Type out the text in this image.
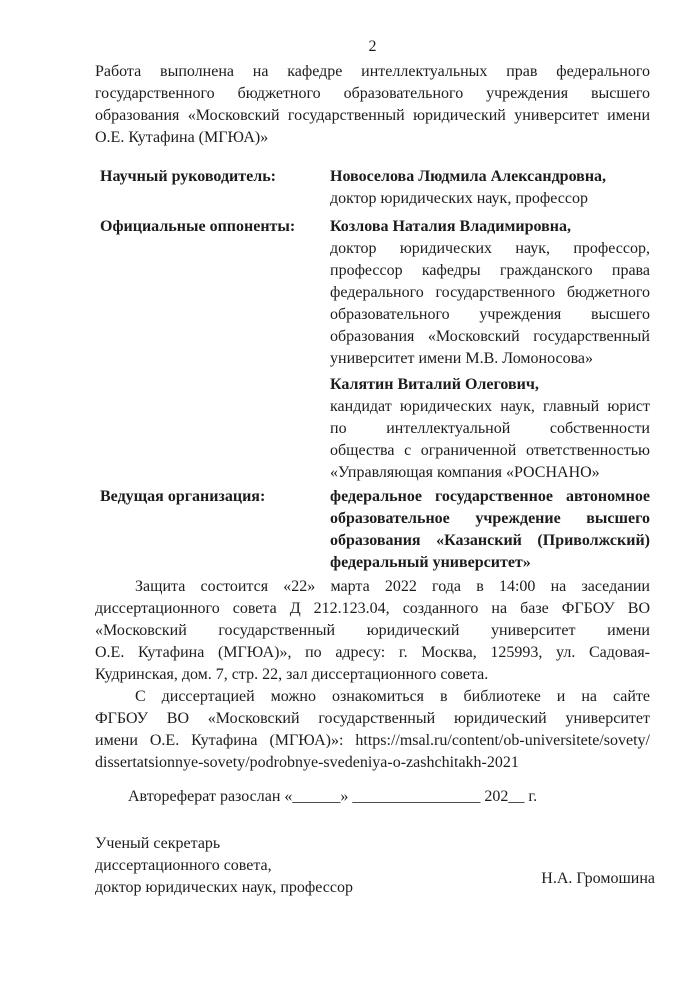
2
Работа выполнена на кафедре интеллектуальных прав федерального
государственного бюджетного образовательного учреждения высшего
образования «Московский государственный юридический университет имени
О.Е. Кутафина (МГЮА)»
Научный руководитель:	Новоселова Людмила Александровна,
доктор юридических наук, профессор
Официальные оппоненты:	Козлова Наталия Владимировна,
доктор юридических наук, профессор,
профессор кафедры гражданского права
федерального государственного бюджетного
образовательного учреждения высшего
образования «Московский государственный
университет имени М.В. Ломоносова»
Калятин Виталий Олегович,
кандидат юридических наук, главный юрист
по интеллектуальной собственности
общества с ограниченной ответственностью
«Управляющая компания «РОСНАНО»
Ведущая организация:	федеральное государственное автономное
образовательное учреждение высшего
образования «Казанский (Приволжский)
федеральный университет»
Защита состоится «22» марта 2022 года в 14:00 на заседании
диссертационного совета Д 212.123.04, созданного на базе ФГБОУ ВО
«Московский государственный юридический университет имени
О.Е. Кутафина (МГЮА)», по адресу: г. Москва, 125993, ул. Садовая-
Кудринская, дом. 7, стр. 22, зал диссертационного совета.
С диссертацией можно ознакомиться в библиотеке и на сайте
ФГБОУ ВО «Московский государственный юридический университет
имени О.Е. Кутафина (МГЮА)»: https://msal.ru/content/ob-universitete/sovety/
dissertatsionnye-sovety/podrobnye-svedeniya-o-zashchitakh-2021
Автореферат разослан «______» ________________ 202__ г.
Ученый секретарь
диссертационного совета,
доктор юридических наук, профессор
Н.А. Громошина
